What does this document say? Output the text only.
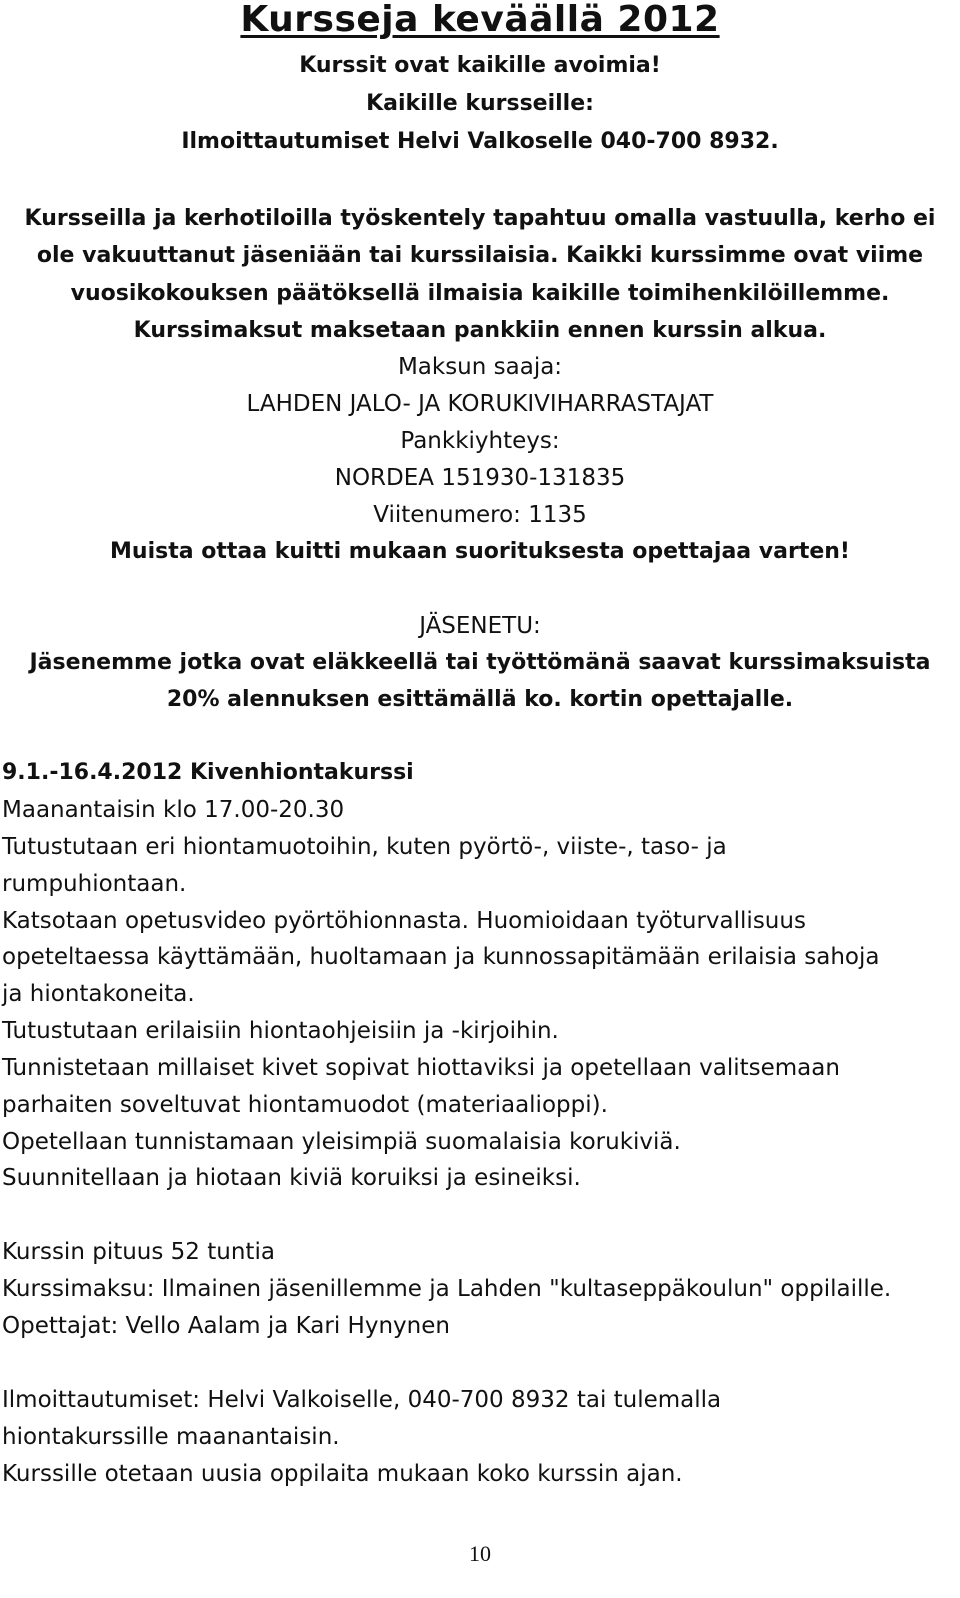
Kursseja keväällä 2012
Kurssit ovat kaikille avoimia!
Kaikille kursseille:
Ilmoittautumiset Helvi Valkoselle 040-700 8932.
Kursseilla ja kerhotiloilla työskentely tapahtuu omalla vastuulla, kerho ei
ole vakuuttanut jäseniään tai kurssilaisia. Kaikki kurssimme ovat viime
vuosikokouksen päätöksellä ilmaisia kaikille toimihenkilöillemme.
Kurssimaksut maksetaan pankkiin ennen kurssin alkua.
Maksun saaja:
LAHDEN JALO- JA KORUKIVIHARRASTAJAT
Pankkiyhteys:
NORDEA 151930-131835
Viitenumero: 1135
Muista ottaa kuitti mukaan suorituksesta opettajaa varten!
JÄSENETU:
Jäsenemme jotka ovat eläkkeellä tai työttömänä saavat kurssimaksuista
20% alennuksen esittämällä ko. kortin opettajalle.
9.1.-16.4.2012 Kivenhiontakurssi
Maanantaisin klo 17.00-20.30
Tutustutaan eri hiontamuotoihin, kuten pyörtö-, viiste-, taso- ja
rumpuhiontaan.
Katsotaan opetusvideo pyörtöhionnasta. Huomioidaan työturvallisuus
opeteltaessa käyttämään, huoltamaan ja kunnossapitämään erilaisia sahoja
ja hiontakoneita.
Tutustutaan erilaisiin hiontaohjeisiin ja -kirjoihin.
Tunnistetaan millaiset kivet sopivat hiottaviksi ja opetellaan valitsemaan
parhaiten soveltuvat hiontamuodot (materiaalioppi).
Opetellaan tunnistamaan yleisimpiä suomalaisia korukiviä.
Suunnitellaan ja hiotaan kiviä koruiksi ja esineiksi.
Kurssin pituus 52 tuntia
Kurssimaksu: Ilmainen jäsenillemme ja Lahden "kultaseppäkoulun" oppilaille.
Opettajat: Vello Aalam ja Kari Hynynen
Ilmoittautumiset: Helvi Valkoiselle, 040-700 8932 tai tulemalla
hiontakurssille maanantaisin.
Kurssille otetaan uusia oppilaita mukaan koko kurssin ajan.
10
